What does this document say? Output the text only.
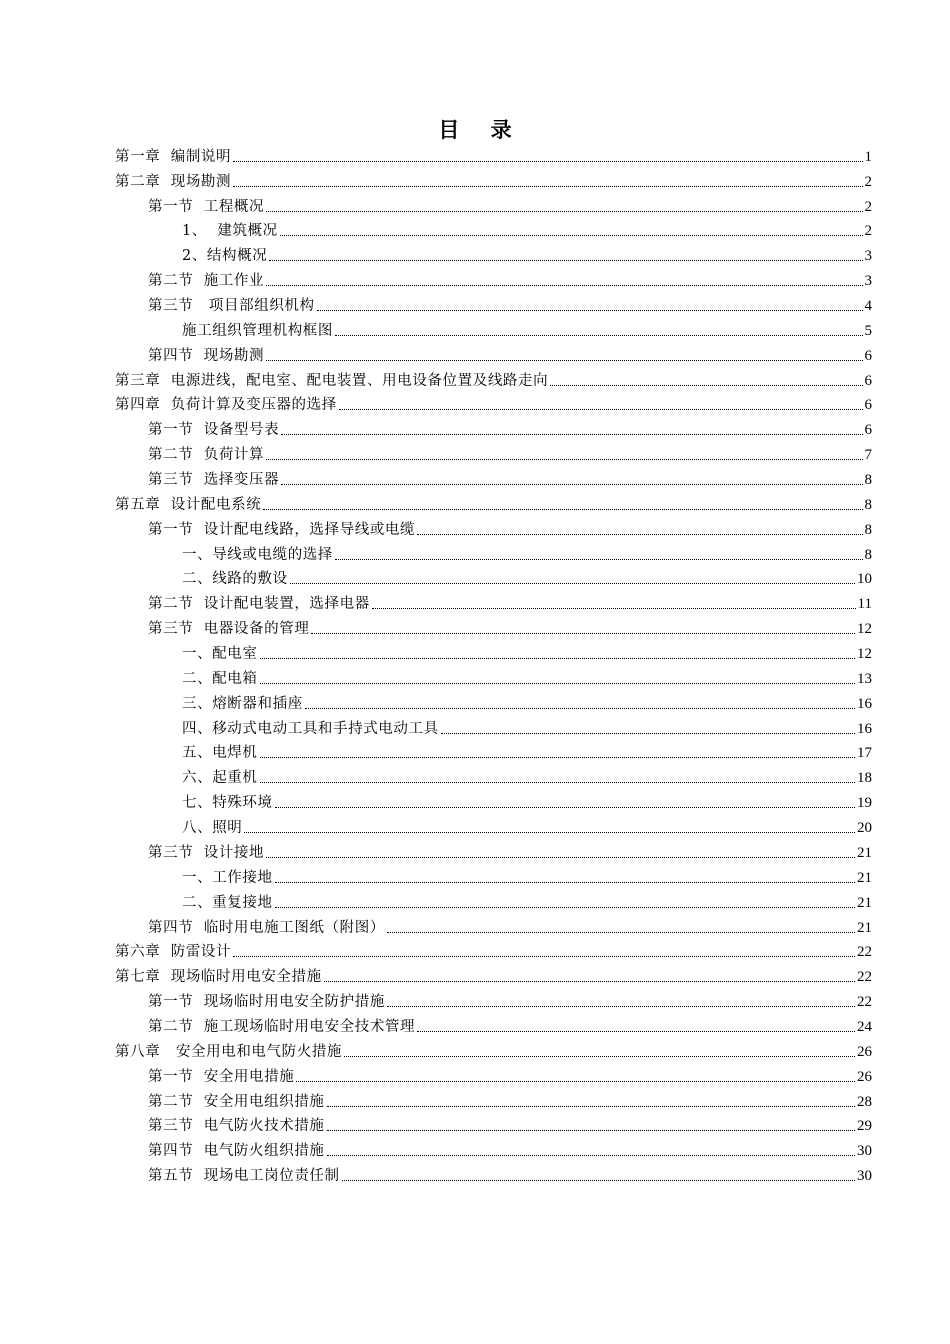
目 录
第一章  编制说明	1
第二章  现场勘测	2
第一节  工程概况	2
1、  建筑概况	2
2、结构概况	3
第二节  施工作业	3
第三节   项目部组织机构	4
施工组织管理机构框图	5
第四节  现场勘测	6
第三章  电源进线，配电室、配电装置、用电设备位置及线路走向	6
第四章  负荷计算及变压器的选择	6
第一节  设备型号表	6
第二节  负荷计算	7
第三节  选择变压器	8
第五章  设计配电系统	8
第一节  设计配电线路，选择导线或电缆	8
一、导线或电缆的选择	8
二、线路的敷设	10
第二节  设计配电装置，选择电器	11
第三节  电器设备的管理	12
一、配电室	12
二、配电箱	13
三、熔断器和插座	16
四、移动式电动工具和手持式电动工具	16
五、电焊机	17
六、起重机	18
七、特殊环境	19
八、照明	20
第三节  设计接地	21
一、工作接地	21
二、重复接地	21
第四节  临时用电施工图纸（附图）	21
第六章  防雷设计	22
第七章  现场临时用电安全措施	22
第一节  现场临时用电安全防护措施	22
第二节  施工现场临时用电安全技术管理	24
第八章   安全用电和电气防火措施	26
第一节  安全用电措施	26
第二节  安全用电组织措施	28
第三节  电气防火技术措施	29
第四节  电气防火组织措施	30
第五节  现场电工岗位责任制	30
